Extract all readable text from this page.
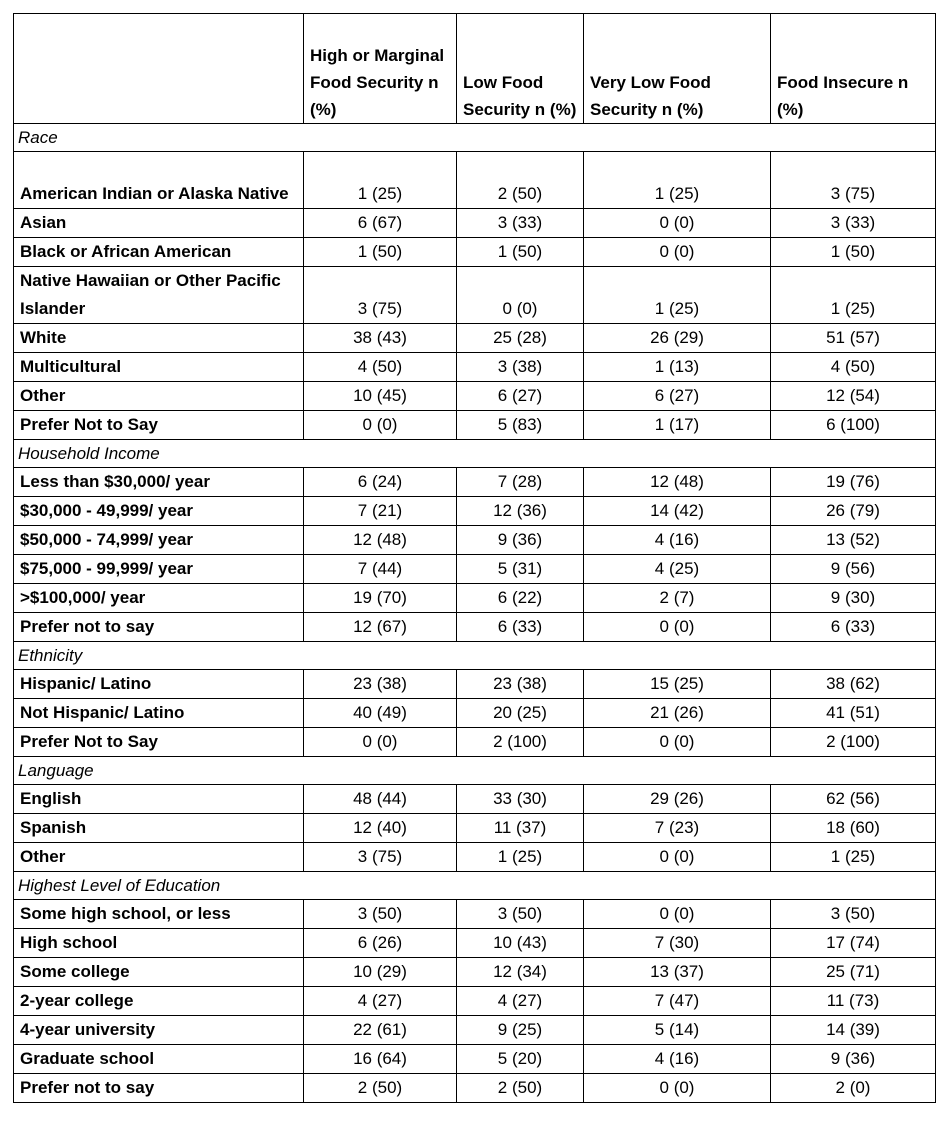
	High or Marginal Food Security n (%)	Low Food Security n (%)	Very Low Food Security n (%)	Food Insecure n (%)
Race				
American Indian or Alaska Native	1 (25)	2 (50)	1 (25)	3 (75)
Asian	6 (67)	3 (33)	0 (0)	3 (33)
Black or African American	1 (50)	1 (50)	0 (0)	1 (50)
Native Hawaiian or Other Pacific Islander	3 (75)	0 (0)	1 (25)	1 (25)
White	38 (43)	25 (28)	26 (29)	51 (57)
Multicultural	4 (50)	3 (38)	1 (13)	4 (50)
Other	10 (45)	6 (27)	6 (27)	12 (54)
Prefer Not to Say	0 (0)	5 (83)	1 (17)	6 (100)
Household Income				
Less than $30,000/ year	6 (24)	7 (28)	12 (48)	19 (76)
$30,000 - 49,999/ year	7 (21)	12 (36)	14 (42)	26 (79)
$50,000 - 74,999/ year	12 (48)	9 (36)	4 (16)	13 (52)
$75,000 - 99,999/ year	7 (44)	5 (31)	4 (25)	9 (56)
>$100,000/ year	19 (70)	6 (22)	2 (7)	9 (30)
Prefer not to say	12 (67)	6 (33)	0 (0)	6 (33)
Ethnicity				
Hispanic/ Latino	23 (38)	23 (38)	15 (25)	38 (62)
Not Hispanic/ Latino	40 (49)	20 (25)	21 (26)	41 (51)
Prefer Not to Say	0 (0)	2 (100)	0 (0)	2 (100)
Language				
English	48 (44)	33 (30)	29 (26)	62 (56)
Spanish	12 (40)	11 (37)	7 (23)	18 (60)
Other	3 (75)	1 (25)	0 (0)	1 (25)
Highest Level of Education				
Some high school, or less	3 (50)	3 (50)	0 (0)	3 (50)
High school	6 (26)	10 (43)	7 (30)	17 (74)
Some college	10 (29)	12 (34)	13 (37)	25 (71)
2-year college	4 (27)	4 (27)	7 (47)	11 (73)
4-year university	22 (61)	9 (25)	5 (14)	14 (39)
Graduate school	16 (64)	5 (20)	4 (16)	9 (36)
Prefer not to say	2 (50)	2 (50)	0 (0)	2 (0)
